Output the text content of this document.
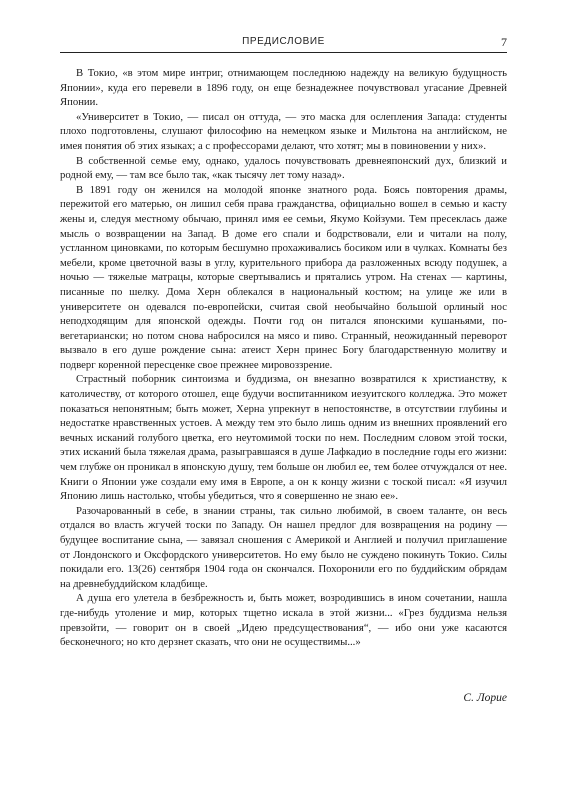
ПРЕДИСЛОВИЕ	7

В Токио, «в этом мире интриг, отнимающем последнюю надежду на великую будущность Японии», куда его перевели в 1896 году, он еще безнадежнее почувствовал угасание Древней Японии.

«Университет в Токио, — писал он оттуда, — это маска для ослепления Запада: студенты плохо подготовлены, слушают философию на немецком языке и Мильтона на английском, не имея понятия об этих языках; а с профессорами делают, что хотят; мы в повиновении у них».

В собственной семье ему, однако, удалось почувствовать древнеяпонский дух, близкий и родной ему, — там все было так, «как тысячу лет тому назад».

В 1891 году он женился на молодой японке знатного рода. Боясь повторения драмы, пережитой его матерью, он лишил себя права гражданства, официально вошел в семью и касту жены и, следуя местному обычаю, принял имя ее семьи, Якумо Койзуми. Тем пресеклась даже мысль о возвращении на Запад. В доме его спали и бодрствовали, ели и читали на полу, устланном циновками, по которым бесшумно прохаживались босиком или в чулках. Комнаты без мебели, кроме цветочной вазы в углу, курительного прибора да разложенных всюду подушек, а ночью — тяжелые матрацы, которые свертывались и прятались утром. На стенах — картины, писанные по шелку. Дома Херн облекался в национальный костюм; на улице же или в университете он одевался по-европейски, считая свой необычайно большой орлиный нос неподходящим для японской одежды. Почти год он питался японскими кушаньями, по-вегетариански; но потом снова набросился на мясо и пиво. Странный, неожиданный переворот вызвало в его душе рождение сына: атеист Херн принес Богу благодарственную молитву и подверг коренной пересценке свое прежнее мировоззрение.

Страстный поборник синтоизма и буддизма, он внезапно возвратился к христианству, к католичеству, от которого отошел, еще будучи воспитанником иезуитского колледжа. Это может показаться непонятным; быть может, Херна упрекнут в непостоянстве, в отсутствии глубины и недостатке нравственных устоев. А между тем это было лишь одним из внешних проявлений его вечных исканий голубого цветка, его неутомимой тоски по нем. Последним словом этой тоски, этих исканий была тяжелая драма, разыгравшаяся в душе Лафкадио в последние годы его жизни: чем глубже он проникал в японскую душу, тем больше он любил ее, тем более отчуждался от нее. Книги о Японии уже создали ему имя в Европе, а он к концу жизни с тоской писал: «Я изучил Японию лишь настолько, чтобы убедиться, что я совершенно не знаю ее».

Разочарованный в себе, в знании страны, так сильно любимой, в своем таланте, он весь отдался во власть жгучей тоски по Западу. Он нашел предлог для возвращения на родину — будущее воспитание сына, — завязал сношения с Америкой и Англией и получил приглашение от Лондонского и Оксфордского университетов. Но ему было не суждено покинуть Токио. Силы покидали его. 13(26) сентября 1904 года он скончался. Похоронили его по буддийским обрядам на древнебуддийском кладбище.

А душа его улетела в безбрежность и, быть может, возродившись в ином сочетании, нашла где-нибудь утоление и мир, которых тщетно искала в этой жизни... «Грез буддизма нельзя превзойти, — говорит он в своей „Идею предсуществования“, — ибо они уже касаются бесконечного; но кто дерзнет сказать, что они не осуществимы...»

С. Лорие
